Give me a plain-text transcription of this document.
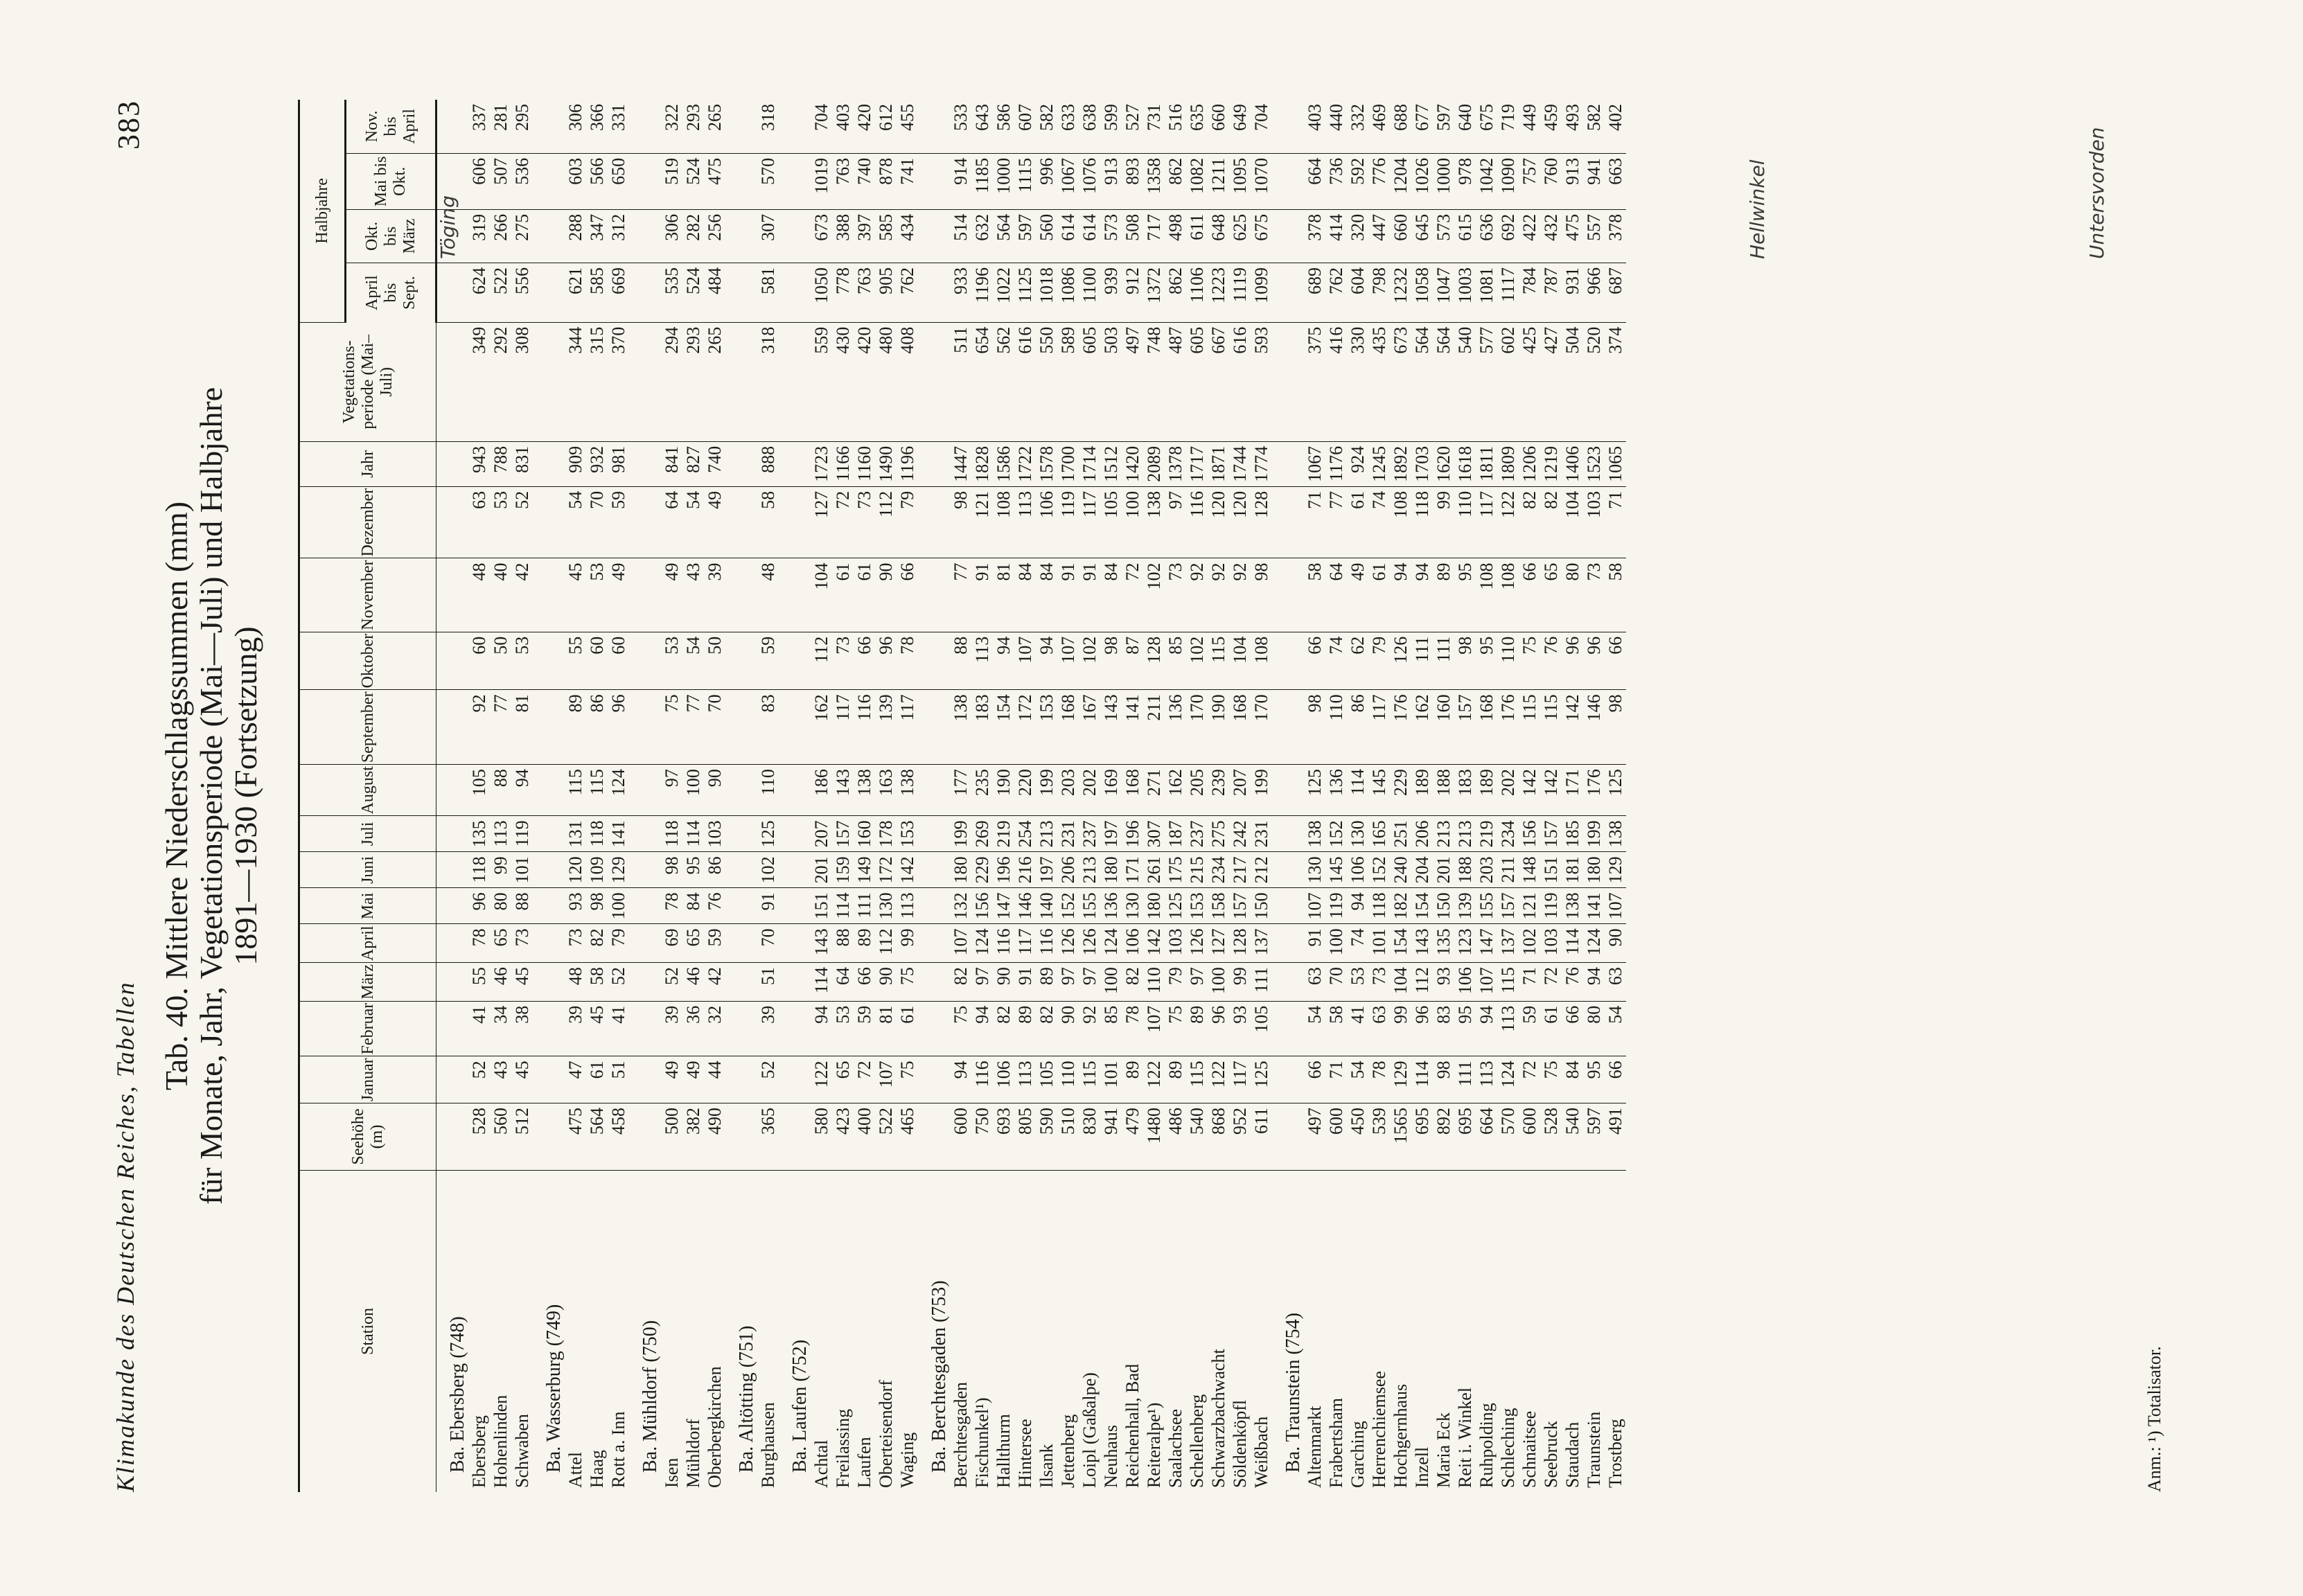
Klimakunde des Deutschen Reiches, Tabellen
383
Tab. 40. Mittlere Niederschlagssummen (mm) für Monate, Jahr, Vegetationsperiode (Mai—Juli) und Halbjahre 1891—1930 (Fortsetzung)
Station	Seehöhe (m)	Januar	Februar	März	April	Mai	Juni	Juli	August	September	Oktober	November	Dezember	Jahr	Vegetations-periode (Mai–Juli)	Halbjahre			
																April bis Sept.	Okt. bis März	Mai bis Okt.	Nov. bis April
Ba. Ebersberg (748)																			
Ebersberg	528	52	41	55	78	96	118	135	105	92	60	48	63	943	349	624	319	606	337
Hohenlinden	560	43	34	46	65	80	99	113	88	77	50	40	53	788	292	522	266	507	281
Schwaben	512	45	38	45	73	88	101	119	94	81	53	42	52	831	308	556	275	536	295
Ba. Wasserburg (749)																			
Attel	475	47	39	48	73	93	120	131	115	89	55	45	54	909	344	621	288	603	306
Haag	564	61	45	58	82	98	109	118	115	86	60	53	70	932	315	585	347	566	366
Rott a. Inn	458	51	41	52	79	100	129	141	124	96	60	49	59	981	370	669	312	650	331
Ba. Mühldorf (750)																			
Isen	500	49	39	52	69	78	98	118	97	75	53	49	64	841	294	535	306	519	322
Mühldorf	382	49	36	46	65	84	95	114	100	77	54	43	54	827	293	524	282	524	293
Oberbergkirchen	490	44	32	42	59	76	86	103	90	70	50	39	49	740	265	484	256	475	265
Ba. Altötting (751)																			
Burghausen	365	52	39	51	70	91	102	125	110	83	59	48	58	888	318	581	307	570	318
Ba. Laufen (752)																			
Achtal	580	122	94	114	143	151	201	207	186	162	112	104	127	1723	559	1050	673	1019	704
Freilassing	423	65	53	64	88	114	159	157	143	117	73	61	72	1166	430	778	388	763	403
Laufen	400	72	59	66	89	111	149	160	138	116	66	61	73	1160	420	763	397	740	420
Oberteisendorf	522	107	81	90	112	130	172	178	163	139	96	90	112	1490	480	905	585	878	612
Waging	465	75	61	75	99	113	142	153	138	117	78	66	79	1196	408	762	434	741	455
Ba. Berchtesgaden (753)																			
Berchtesgaden	600	94	75	82	107	132	180	199	177	138	88	77	98	1447	511	933	514	914	533
Fischunkel¹)	750	116	94	97	124	156	229	269	235	183	113	91	121	1828	654	1196	632	1185	643
Hallthurm	693	106	82	90	116	147	196	219	190	154	94	81	108	1586	562	1022	564	1000	586
Hintersee	805	113	89	91	117	146	216	254	220	172	107	84	113	1722	616	1125	597	1115	607
Ilsank	590	105	82	89	116	140	197	213	199	153	94	84	106	1578	550	1018	560	996	582
Jettenberg	510	110	90	97	126	152	206	231	203	168	107	91	119	1700	589	1086	614	1067	633
Loipl (Gaßalpe)	830	115	92	97	126	155	213	237	202	167	102	91	117	1714	605	1100	614	1076	638
Neuhaus	941	101	85	100	124	136	180	197	169	143	98	84	105	1512	503	939	573	913	599
Reichenhall, Bad	479	89	78	82	106	130	171	196	168	141	87	72	100	1420	497	912	508	893	527
Reiteralpe¹)	1480	122	107	110	142	180	261	307	271	211	128	102	138	2089	748	1372	717	1358	731
Saalachsee	486	89	75	79	103	125	175	187	162	136	85	73	97	1378	487	862	498	862	516
Schellenberg	540	115	89	97	126	153	215	237	205	170	102	92	116	1717	605	1106	611	1082	635
Schwarzbachwacht	868	122	96	100	127	158	234	275	239	190	115	92	120	1871	667	1223	648	1211	660
Söldenköpfl	952	117	93	99	128	157	217	242	207	168	104	92	120	1744	616	1119	625	1095	649
Weißbach	611	125	105	111	137	150	212	231	199	170	108	98	128	1774	593	1099	675	1070	704
Ba. Traunstein (754)																			
Altenmarkt	497	66	54	63	91	107	130	138	125	98	66	58	71	1067	375	689	378	664	403
Frabertsham	600	71	58	70	100	119	145	152	136	110	74	64	77	1176	416	762	414	736	440
Garching	450	54	41	53	74	94	106	130	114	86	62	49	61	924	330	604	320	592	332
Herrenchiemsee	539	78	63	73	101	118	152	165	145	117	79	61	74	1245	435	798	447	776	469
Hochgernhaus	1565	129	99	104	154	182	240	251	229	176	126	94	108	1892	673	1232	660	1204	688
Inzell	695	114	96	112	143	154	204	206	189	162	111	94	118	1703	564	1058	645	1026	677
Maria Eck	892	98	83	93	135	150	201	213	188	160	111	89	99	1620	564	1047	573	1000	597
Reit i. Winkel	695	111	95	106	123	139	188	213	183	157	98	95	110	1618	540	1003	615	978	640
Ruhpolding	664	113	94	107	147	155	203	219	189	168	95	108	117	1811	577	1081	636	1042	675
Schleching	570	124	113	115	137	157	211	234	202	176	110	108	122	1809	602	1117	692	1090	719
Schnaitsee	600	72	59	71	102	121	148	156	142	115	75	66	82	1206	425	784	422	757	449
Seebruck	528	75	61	72	103	119	151	157	142	115	76	65	82	1219	427	787	432	760	459
Staudach	540	84	66	76	114	138	181	185	171	142	96	80	104	1406	504	931	475	913	493
Traunstein	597	95	80	94	124	141	180	199	176	146	96	73	103	1523	520	966	557	941	582
Trostberg	491	66	54	63	90	107	129	138	125	98	66	58	71	1065	374	687	378	663	402
Anm.: ¹) Totalisator.
Töging	Hellwinkel	Untersvorden
